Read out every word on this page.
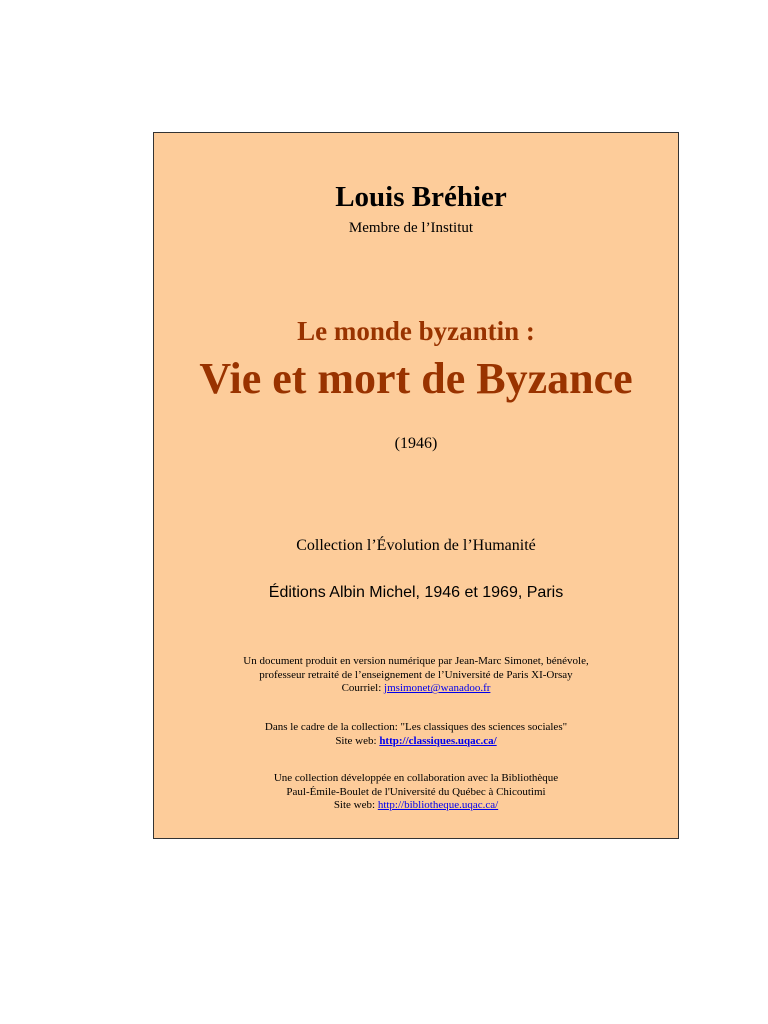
Louis Bréhier
Membre de l’Institut
Le monde byzantin :
Vie et mort de Byzance
(1946)
Collection l’Évolution de l’Humanité
Éditions Albin Michel, 1946 et 1969, Paris
Un document produit en version numérique par Jean-Marc Simonet, bénévole,
professeur retraité de l’enseignement de l’Université de Paris XI-Orsay
Courriel: jmsimonet@wanadoo.fr
Dans le cadre de la collection: "Les classiques des sciences sociales"
Site web: http://classiques.uqac.ca/
Une collection développée en collaboration avec la Bibliothèque
Paul-Émile-Boulet de l'Université du Québec à Chicoutimi
Site web: http://bibliotheque.uqac.ca/
